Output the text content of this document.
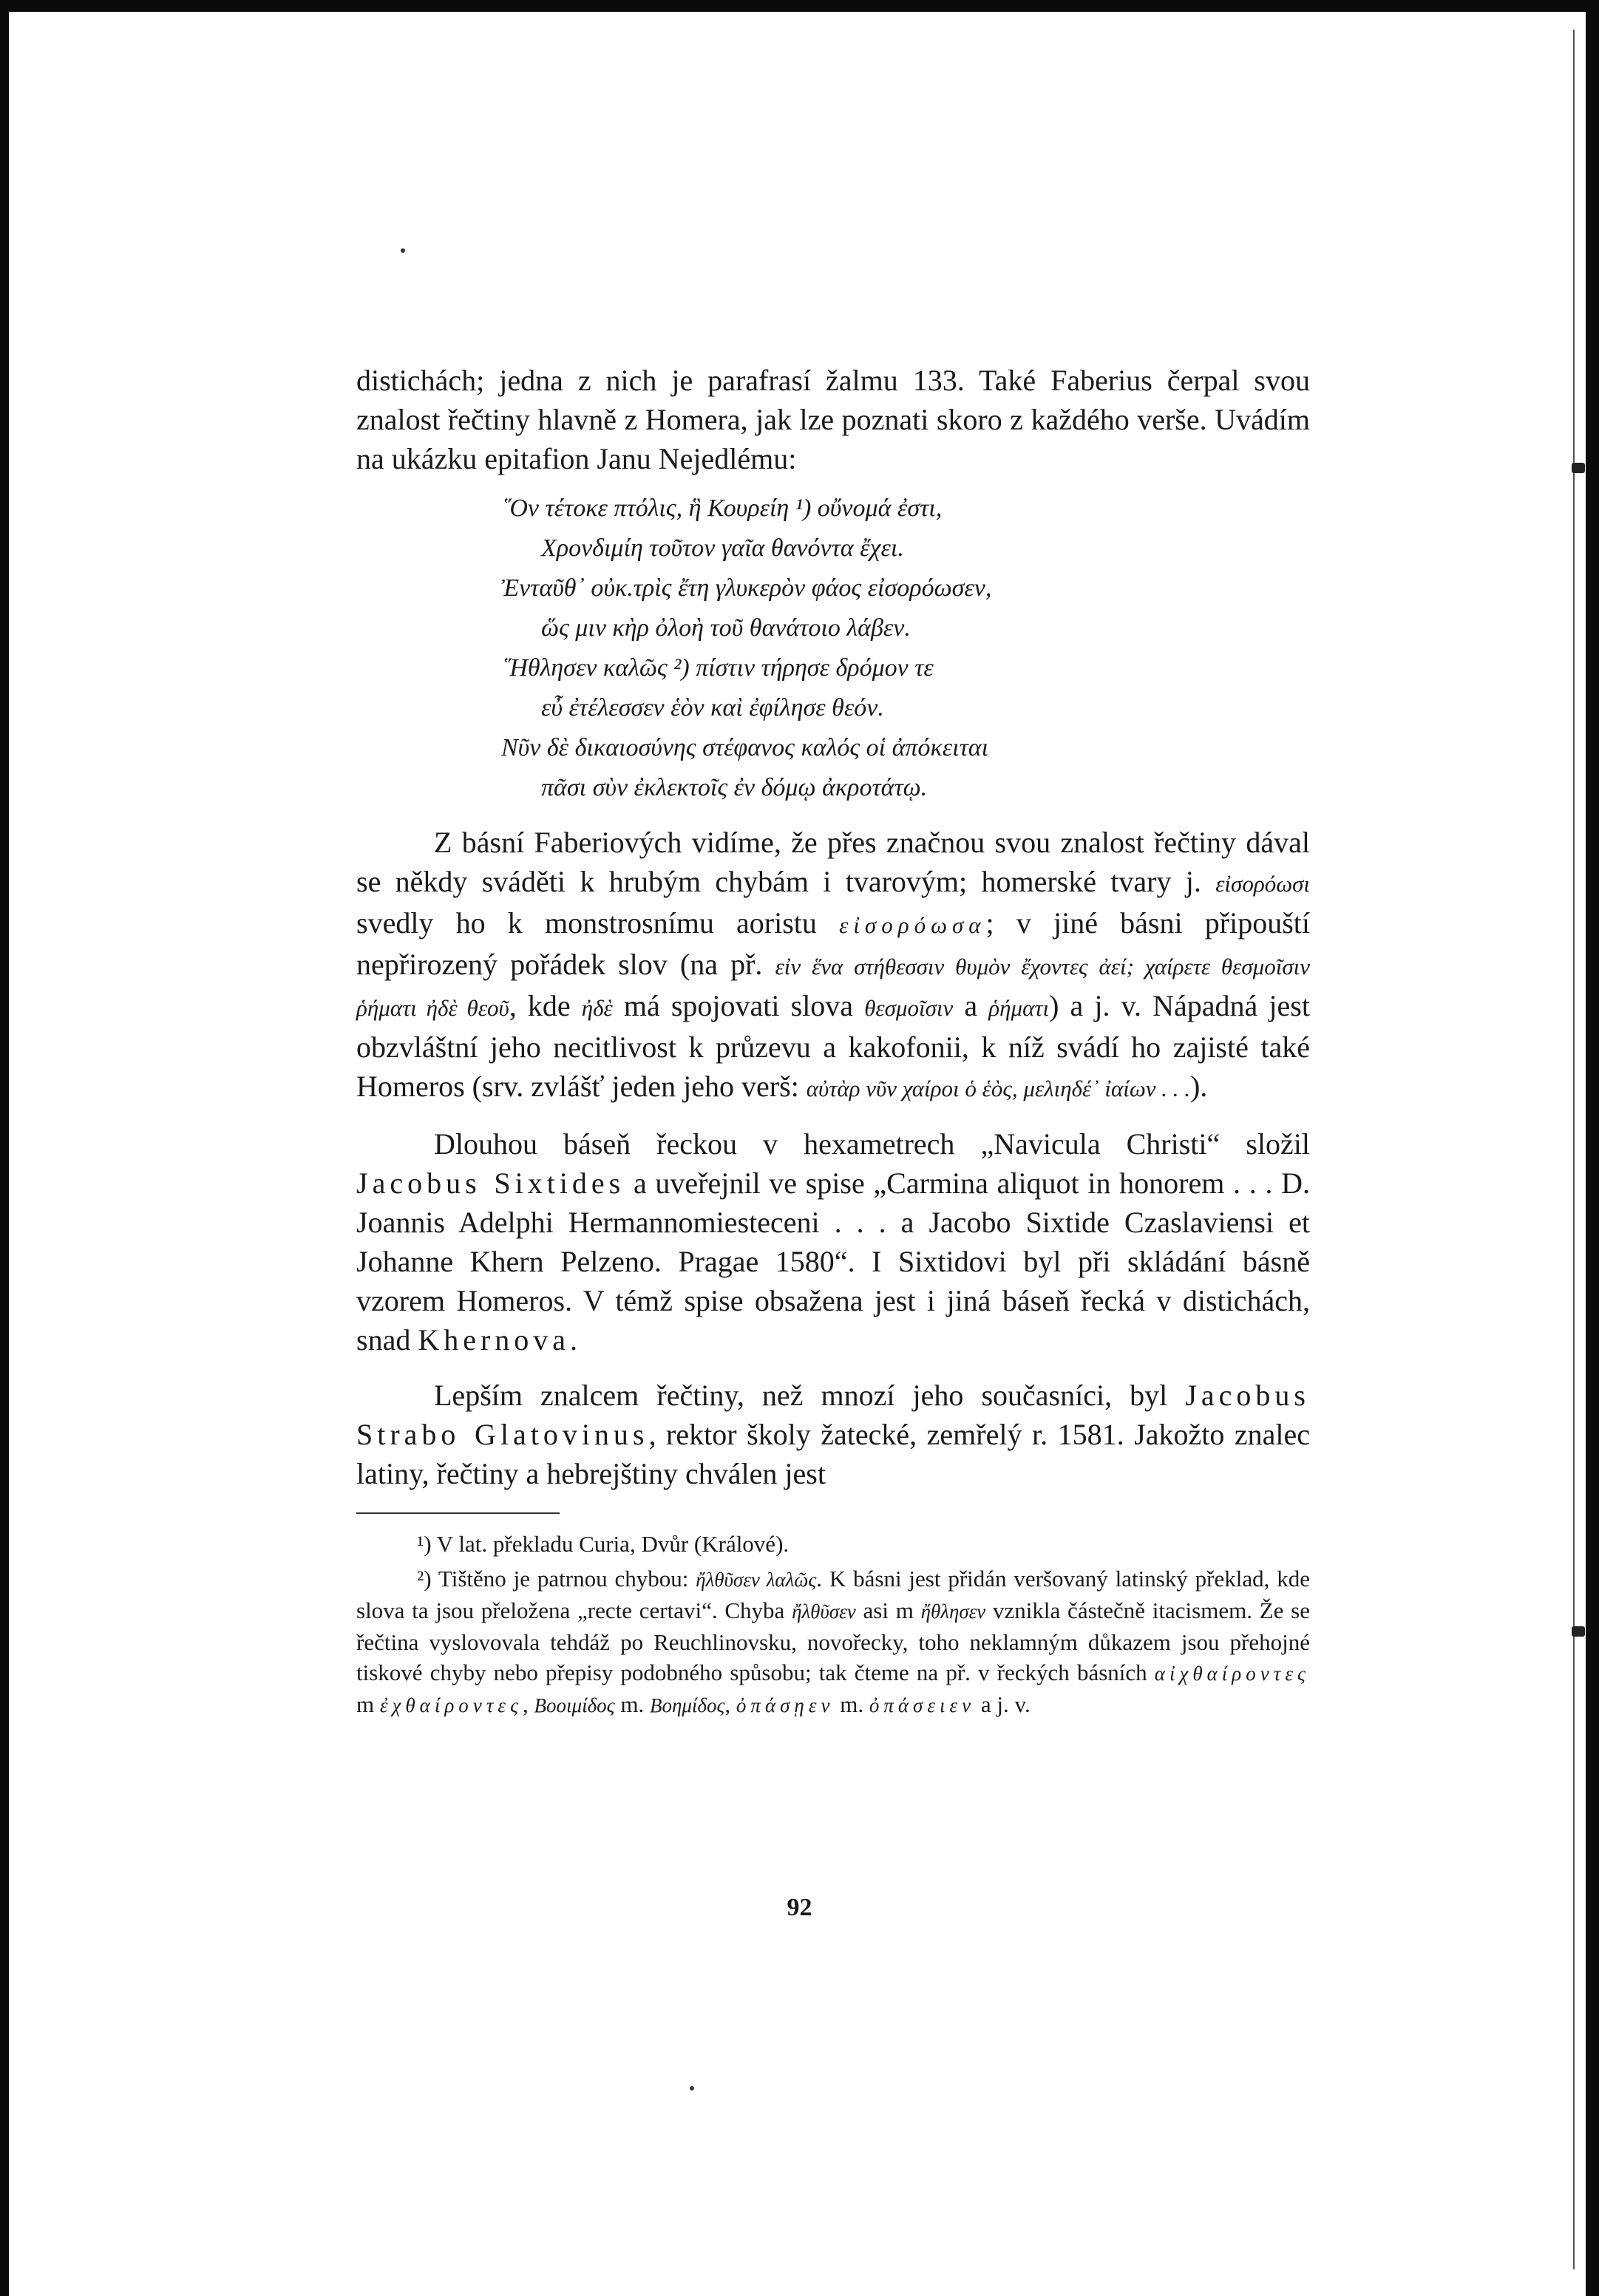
distichách; jedna z nich je parafrasí žalmu 133. Také Faberius čerpal svou znalost řečtiny hlavně z Homera, jak lze poznati skoro z každého verše. Uvádím na ukázku epitafion Janu Nejedlému:

῞Ον τέτοκε πτόλις, ἣ Κουρείη ¹) οὔνομά ἐστι,
Χρονδιμίη τοῦτον γαῖα θανόντα ἔχει.
Ἐνταῦθ᾽ οὐκ.τρὶς ἔτη γλυκερὸν φάος εἰσορόωσεν,
ὥς μιν κὴρ ὀλοὴ τοῦ θανάτοιο λάβεν.
῞Ηθλησεν καλῶς ²) πίστιν τήρησε δρόμον τε
εὖ ἐτέλεσσεν ἑὸν καὶ ἐφίλησε θεόν.
Νῦν δὲ δικαιοσύνης στέφανος καλός οἱ ἀπόκειται
πᾶσι σὺν ἐκλεκτοῖς ἐν δόμῳ ἀκροτάτῳ.

Z básní Faberiových vidíme, že přes značnou svou znalost řečtiny dával se někdy sváděti k hrubým chybám i tvarovým; homerské tvary j. εἰσορόωσι svedly ho k monstrosnímu aoristu εἰσορόωσα; v jiné básni připouští nepřirozený pořádek slov (na př. εἰν ἕνα στήθεσσιν θυμὸν ἔχοντες ἀεί; χαίρετε θεσμοῖσιν ῥήματι ἠδὲ θεοῦ, kde ἠδὲ má spojovati slova θεσμοῖσιν a ῥήματι) a j. v. Nápadná jest obzvláštní jeho necitlivost k průzevu a kakofonii, k níž svádí ho zajisté také Homeros (srv. zvlášť jeden jeho verš: αὐτὰρ νῦν χαίροι ὁ ἑὸς, μελιηδέ᾽ ἰαίων . . .).

Dlouhou báseň řeckou v hexametrech „Navicula Christi“ složil Jacobus Sixtides a uveřejnil ve spise „Carmina aliquot in honorem . . . D. Joannis Adelphi Hermannomiestecenі . . . a Jacobo Sixtide Czaslaviensi et Johanne Khern Pelzeno. Pragae 1580“. I Sixtidovi byl při skládání básně vzorem Homeros. V témž spise obsažena jest i jiná báseň řecká v distichách, snad Khernova.

Lepším znalcem řečtiny, než mnozí jeho současníci, byl Jacobus Strabo Glatovinus, rektor školy žatecké, zemřelý r. 1581. Jakožto znalec latiny, řečtiny a hebrejštiny chválen jest

¹) V lat. překladu Curia, Dvůr (Králové).

²) Tištěno je patrnou chybou: ἤλθῦσεν λαλῶς. K básni jest přidán veršovaný latinský překlad, kde slova ta jsou přeložena „recte certavi“. Chyba ἤλθῦσεν asi m ἤθλησεν vznikla částečně itacismem. Že se řečtina vyslovovala tehdáž po Reuchlinovsku, novořecky, toho neklamným důkazem jsou přehojné tiskové chyby nebo přepisy podobného spůsobu; tak čteme na př. v řeckých básních αἰχθαίροντες m ἐχθαίροντες, Βοοιμίδος m. Βοημίδος, ὀπάσῃεν m. ὀπάσειεν a j. v.

92
